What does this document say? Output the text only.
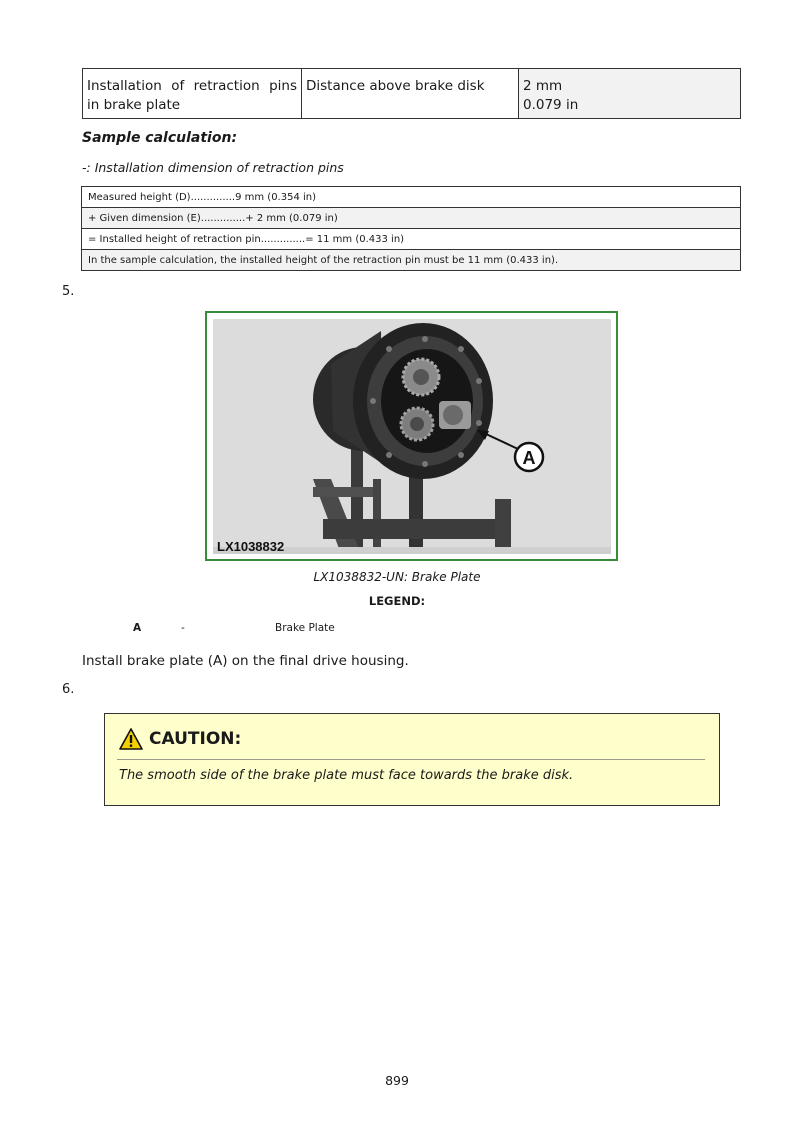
Installation of retraction pins in brake plate	Distance above brake disk	2 mm
0.079 in
Sample calculation:
-: Installation dimension of retraction pins
Measured height (D)..............9 mm (0.354 in)
+ Given dimension (E)..............+ 2 mm (0.079 in)
= Installed height of retraction pin..............= 11 mm (0.433 in)
In the sample calculation, the installed height of the retraction pin must be 11 mm (0.433 in).
5.
A
LX1038832
LX1038832-UN: Brake Plate
LEGEND:
A	-	Brake Plate
Install brake plate (A) on the final drive housing.
6.
CAUTION:
The smooth side of the brake plate must face towards the brake disk.
899
